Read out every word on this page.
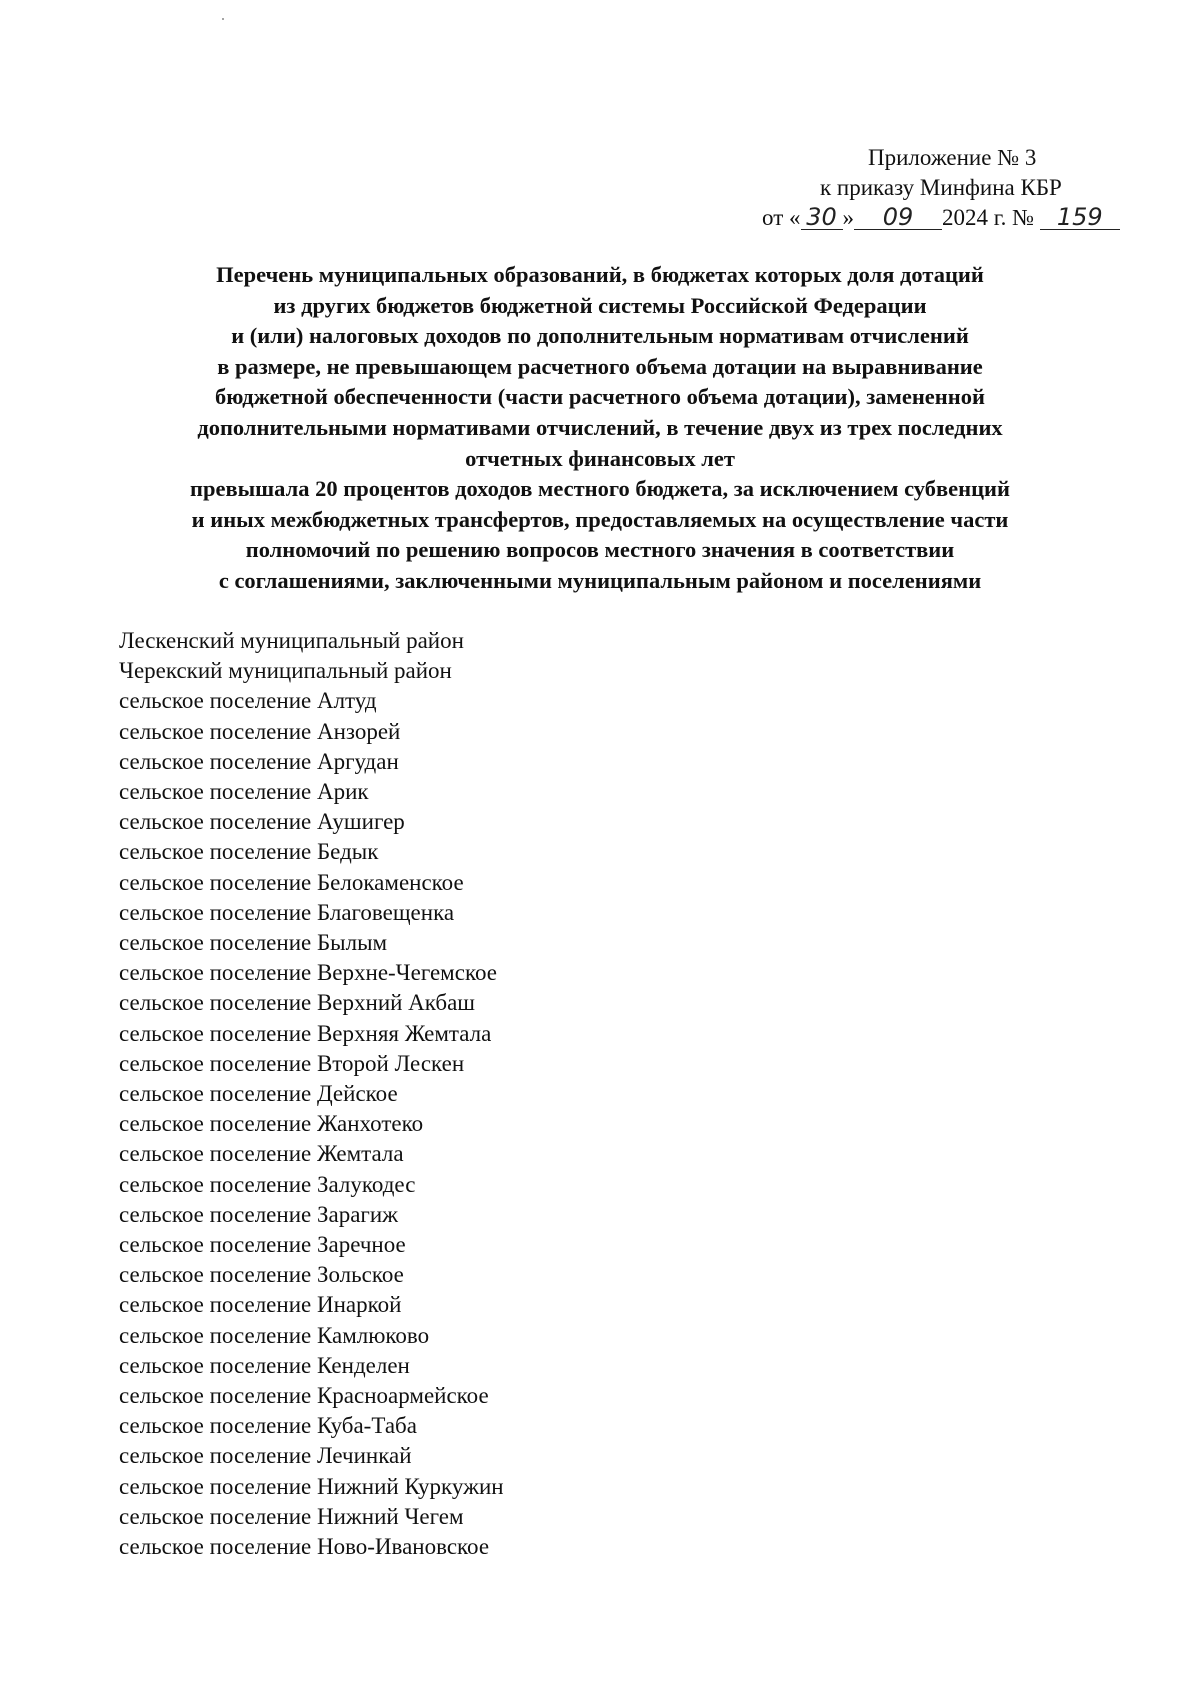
Приложение № 3
к приказу Минфина КБР
от « 30 » 09 2024 г. № 159
Перечень муниципальных образований, в бюджетах которых доля дотаций
из других бюджетов бюджетной системы Российской Федерации
и (или) налоговых доходов по дополнительным нормативам отчислений
в размере, не превышающем расчетного объема дотации на выравнивание
бюджетной обеспеченности (части расчетного объема дотации), замененной
дополнительными нормативами отчислений, в течение двух из трех последних
отчетных финансовых лет
превышала 20 процентов доходов местного бюджета, за исключением субвенций
и иных межбюджетных трансфертов, предоставляемых на осуществление части
полномочий по решению вопросов местного значения в соответствии
с соглашениями, заключенными муниципальным районом и поселениями
Лескенский муниципальный район
Черекский муниципальный район
сельское поселение Алтуд
сельское поселение Анзорей
сельское поселение Аргудан
сельское поселение Арик
сельское поселение Аушигер
сельское поселение Бедык
сельское поселение Белокаменское
сельское поселение Благовещенка
сельское поселение Былым
сельское поселение Верхне-Чегемское
сельское поселение Верхний Акбаш
сельское поселение Верхняя Жемтала
сельское поселение Второй Лескен
сельское поселение Дейское
сельское поселение Жанхотеко
сельское поселение Жемтала
сельское поселение Залукодес
сельское поселение Зарагиж
сельское поселение Заречное
сельское поселение Зольское
сельское поселение Инаркой
сельское поселение Камлюково
сельское поселение Кенделен
сельское поселение Красноармейское
сельское поселение Куба-Таба
сельское поселение Лечинкай
сельское поселение Нижний Куркужин
сельское поселение Нижний Чегем
сельское поселение Ново-Ивановское
